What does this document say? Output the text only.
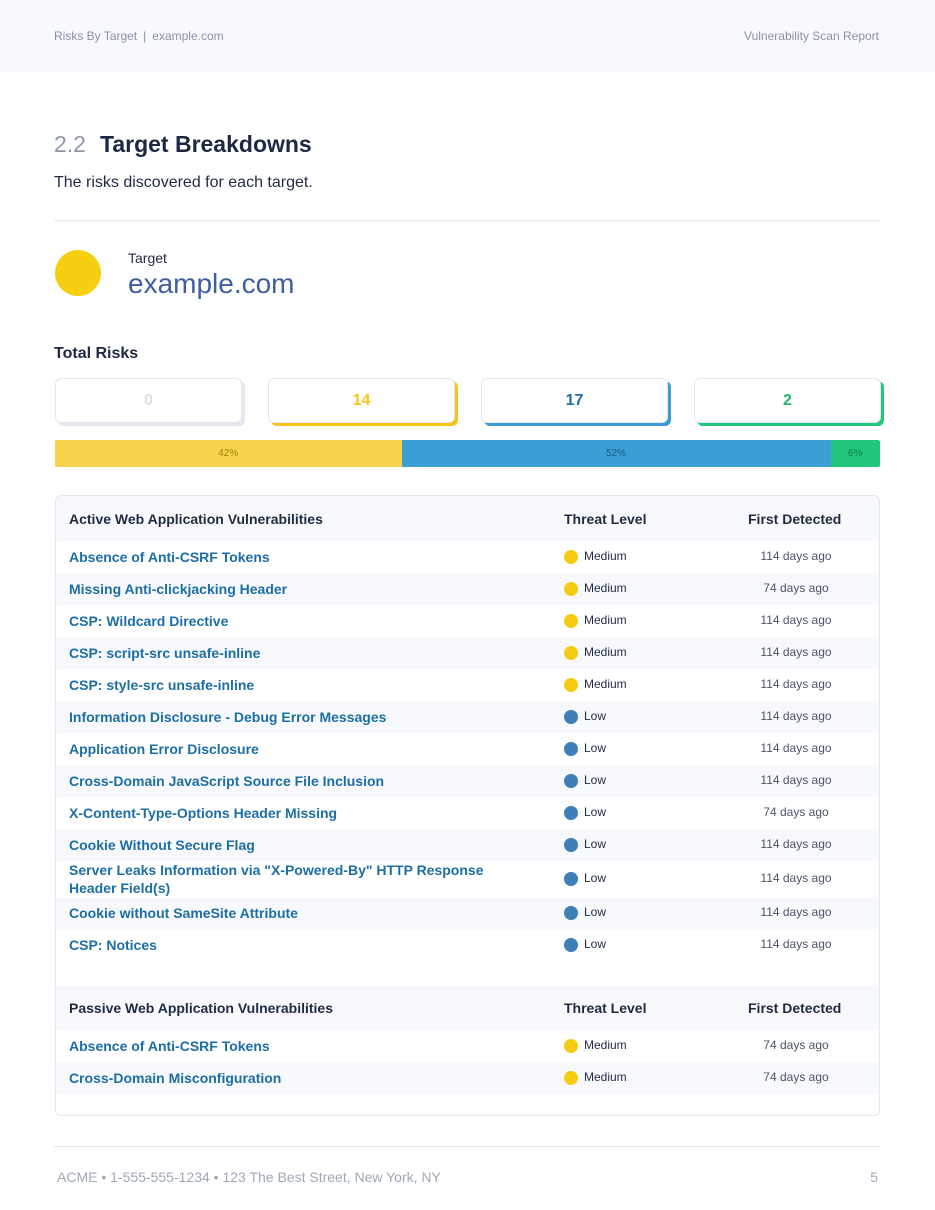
Risks By Target | example.com	Vulnerability Scan Report
2.2 Target Breakdowns
The risks discovered for each target.
Target
example.com
Total Risks
0	14	17	2
42%	52%	6%
Active Web Application Vulnerabilities	Threat Level	First Detected
Absence of Anti-CSRF Tokens	Medium	114 days ago
Missing Anti-clickjacking Header	Medium	74 days ago
CSP: Wildcard Directive	Medium	114 days ago
CSP: script-src unsafe-inline	Medium	114 days ago
CSP: style-src unsafe-inline	Medium	114 days ago
Information Disclosure - Debug Error Messages	Low	114 days ago
Application Error Disclosure	Low	114 days ago
Cross-Domain JavaScript Source File Inclusion	Low	114 days ago
X-Content-Type-Options Header Missing	Low	74 days ago
Cookie Without Secure Flag	Low	114 days ago
Server Leaks Information via "X-Powered-By" HTTP Response Header Field(s)
Low	114 days ago
Cookie without SameSite Attribute	Low	114 days ago
CSP: Notices	Low	114 days ago
Passive Web Application Vulnerabilities	Threat Level	First Detected
Absence of Anti-CSRF Tokens	Medium	74 days ago
Cross-Domain Misconfiguration	Medium	74 days ago
ACME • 1-555-555-1234 • 123 The Best Street, New York, NY	5
